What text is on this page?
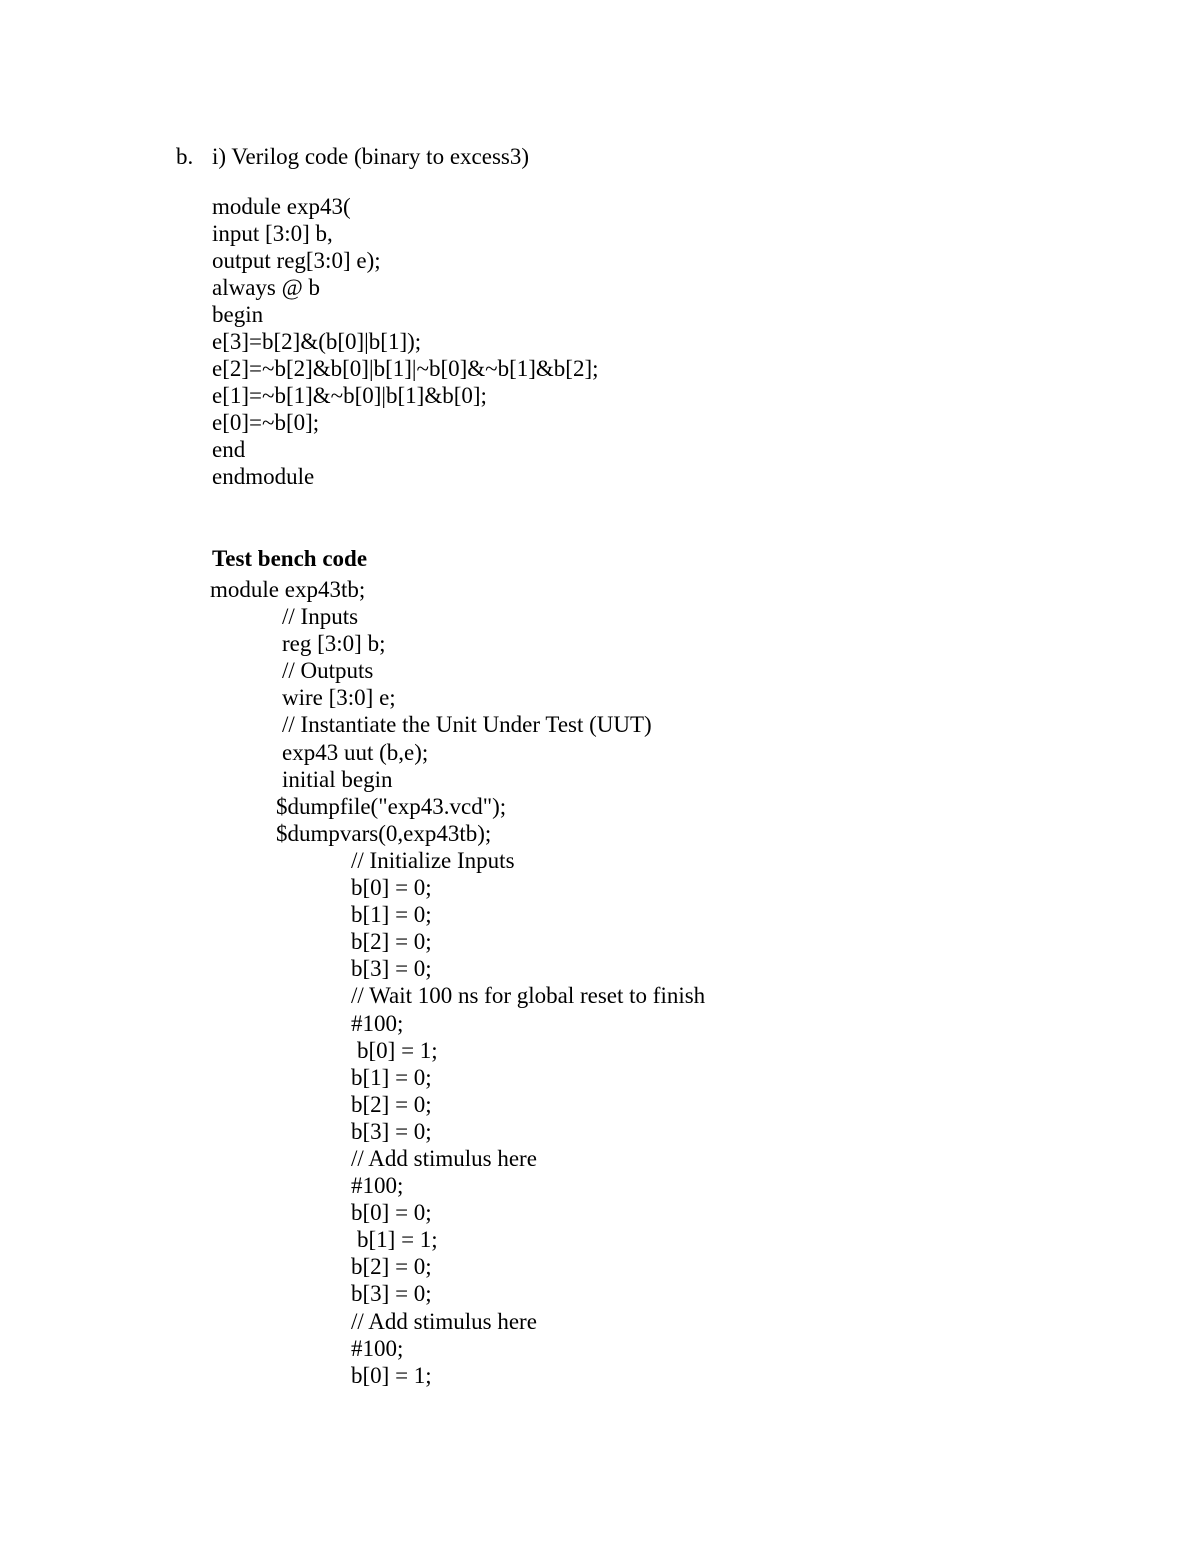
b. i) Verilog code (binary to excess3)
module exp43(
input [3:0] b,
output reg[3:0] e);
always @ b
begin
e[3]=b[2]&(b[0]|b[1]);
e[2]=~b[2]&b[0]|b[1]|~b[0]&~b[1]&b[2];
e[1]=~b[1]&~b[0]|b[1]&b[0];
e[0]=~b[0];
end
endmodule
Test bench code
module exp43tb;
// Inputs
reg [3:0] b;
// Outputs
wire [3:0] e;
// Instantiate the Unit Under Test (UUT)
exp43 uut (b,e);
initial begin
$dumpfile("exp43.vcd");
$dumpvars(0,exp43tb);
// Initialize Inputs
b[0] = 0;
b[1] = 0;
b[2] = 0;
b[3] = 0;
// Wait 100 ns for global reset to finish
#100;
b[0] = 1;
b[1] = 0;
b[2] = 0;
b[3] = 0;
// Add stimulus here
#100;
b[0] = 0;
b[1] = 1;
b[2] = 0;
b[3] = 0;
// Add stimulus here
#100;
b[0] = 1;
